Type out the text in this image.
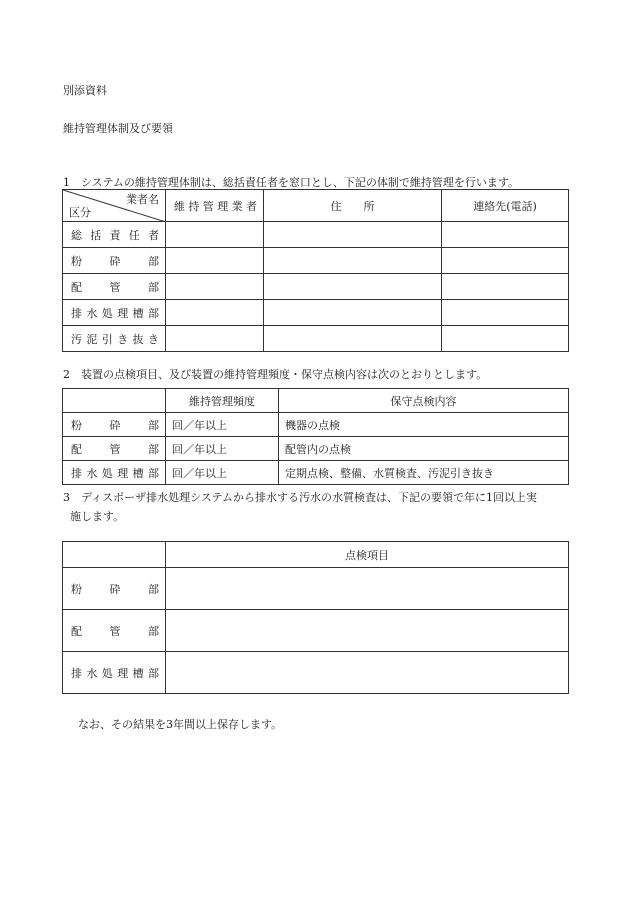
別添資料
維持管理体制及び要領
1　システムの維持管理体制は、総括責任者を窓口とし、下記の体制で維持管理を行います。
業者名
区分	維持管理業者	住　　所	連絡先(電話)
総括責任者			
粉砕部			
配管部			
排水処理槽部			
汚泥引き抜き			
2　装置の点検項目、及び装置の維持管理頻度・保守点検内容は次のとおりとします。
	維持管理頻度	保守点検内容
粉砕部	回／年以上	機器の点検
配管部	回／年以上	配管内の点検
排水処理槽部	回／年以上	定期点検、整備、水質検査、汚泥引き抜き
3　ディスポーザ排水処理システムから排水する汚水の水質検査は、下記の要領で年に1回以上実
施します。
	点検項目
粉砕部	
配管部	
排水処理槽部	
なお、その結果を3年間以上保存します。
